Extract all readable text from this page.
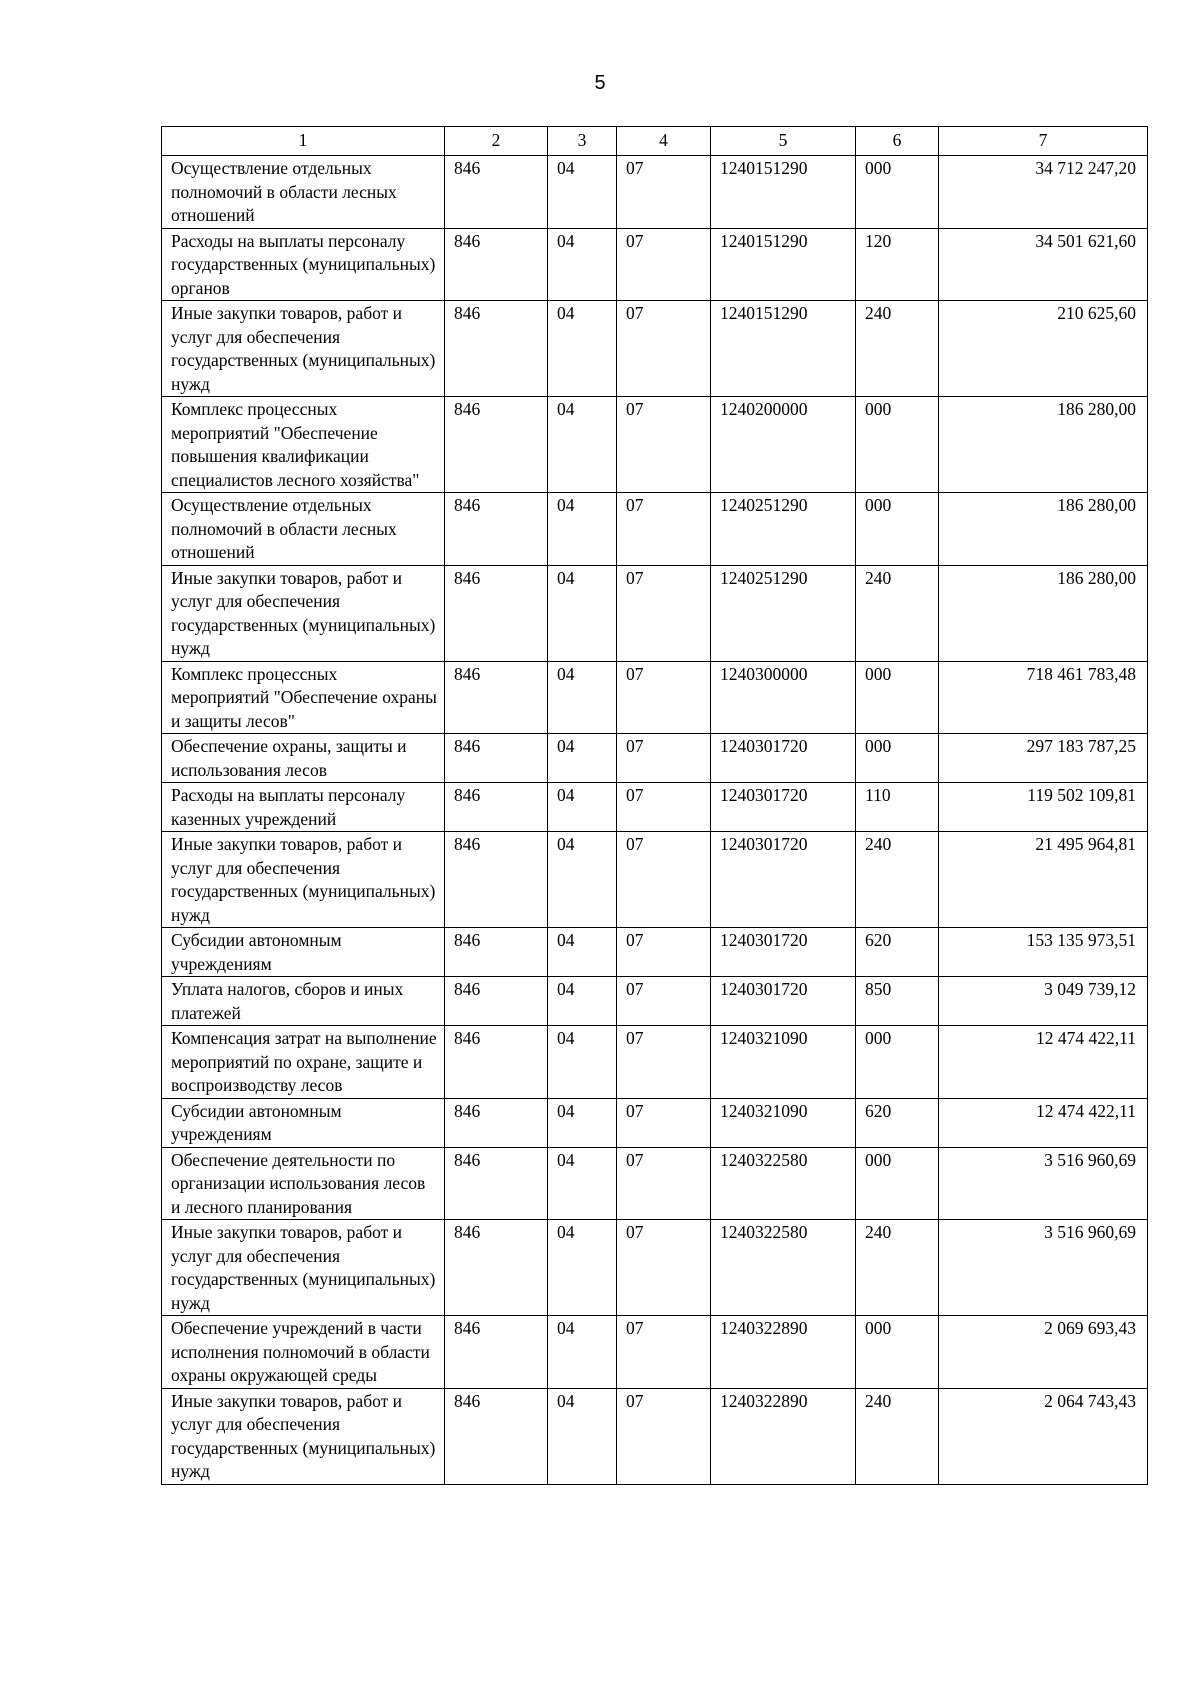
5
1	2	3	4	5	6	7
Осуществление отдельных полномочий в области лесных отношений	846	04	07	1240151290	000	34 712 247,20
Расходы на выплаты персоналу государственных (муниципальных) органов	846	04	07	1240151290	120	34 501 621,60
Иные закупки товаров, работ и услуг для обеспечения государственных (муниципальных) нужд	846	04	07	1240151290	240	210 625,60
Комплекс процессных мероприятий "Обеспечение повышения квалификации специалистов лесного хозяйства"	846	04	07	1240200000	000	186 280,00
Осуществление отдельных полномочий в области лесных отношений	846	04	07	1240251290	000	186 280,00
Иные закупки товаров, работ и услуг для обеспечения государственных (муниципальных) нужд	846	04	07	1240251290	240	186 280,00
Комплекс процессных мероприятий "Обеспечение охраны и защиты лесов"	846	04	07	1240300000	000	718 461 783,48
Обеспечение охраны, защиты и использования лесов	846	04	07	1240301720	000	297 183 787,25
Расходы на выплаты персоналу казенных учреждений	846	04	07	1240301720	110	119 502 109,81
Иные закупки товаров, работ и услуг для обеспечения государственных (муниципальных) нужд	846	04	07	1240301720	240	21 495 964,81
Субсидии автономным учреждениям	846	04	07	1240301720	620	153 135 973,51
Уплата налогов, сборов и иных платежей	846	04	07	1240301720	850	3 049 739,12
Компенсация затрат на выполнение мероприятий по охране, защите и воспроизводству лесов	846	04	07	1240321090	000	12 474 422,11
Субсидии автономным учреждениям	846	04	07	1240321090	620	12 474 422,11
Обеспечение деятельности по организации использования лесов и лесного планирования	846	04	07	1240322580	000	3 516 960,69
Иные закупки товаров, работ и услуг для обеспечения государственных (муниципальных) нужд	846	04	07	1240322580	240	3 516 960,69
Обеспечение учреждений в части исполнения полномочий в области охраны окружающей среды	846	04	07	1240322890	000	2 069 693,43
Иные закупки товаров, работ и услуг для обеспечения государственных (муниципальных) нужд	846	04	07	1240322890	240	2 064 743,43
